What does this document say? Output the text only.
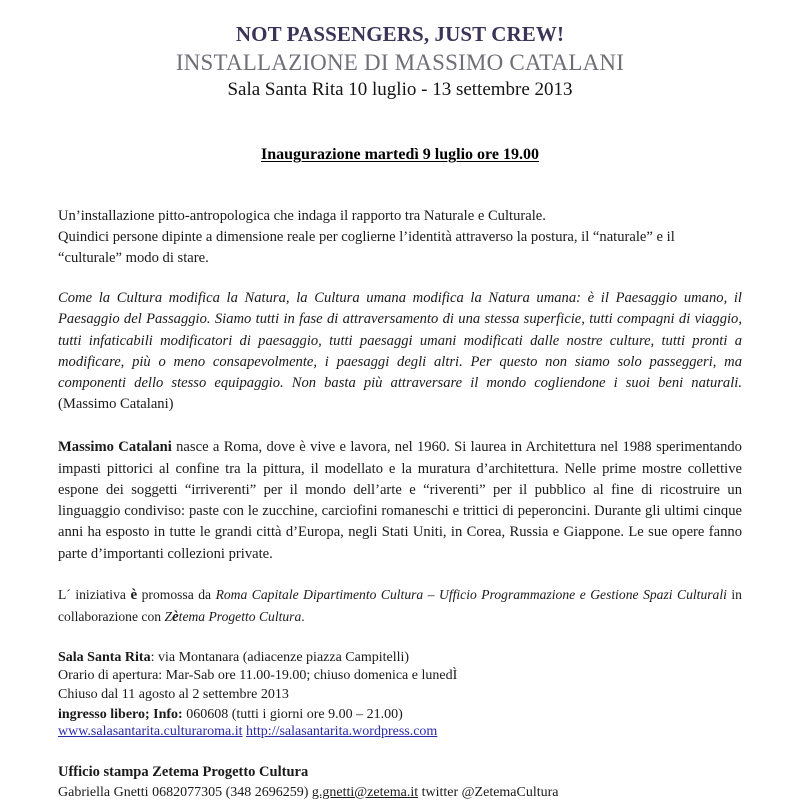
NOT PASSENGERS, JUST CREW!
INSTALLAZIONE DI MASSIMO CATALANI
Sala Santa Rita 10 luglio - 13 settembre 2013
Inaugurazione martedì 9 luglio ore 19.00
Un’installazione pitto-antropologica che indaga il rapporto tra Naturale e Culturale.
Quindici persone dipinte a dimensione reale per coglierne l’identità attraverso la postura, il “naturale” e il “culturale” modo di stare.

Come la Cultura modifica la Natura, la Cultura umana modifica la Natura umana: è il Paesaggio umano, il Paesaggio del Passaggio. Siamo tutti in fase di attraversamento di una stessa superficie, tutti compagni di viaggio, tutti infaticabili modificatori di paesaggio, tutti paesaggi umani modificati dalle nostre culture, tutti pronti a modificare, più o meno consapevolmente, i paesaggi degli altri. Per questo non siamo solo passeggeri, ma componenti dello stesso equipaggio. Non basta più attraversare il mondo cogliendone i suoi beni naturali. (Massimo Catalani)

Massimo Catalani nasce a Roma, dove è vive e lavora, nel 1960. Si laurea in Architettura nel 1988 sperimentando impasti pittorici al confine tra la pittura, il modellato e la muratura d’architettura. Nelle prime mostre collettive espone dei soggetti “irriverenti” per il mondo dell’arte e “riverenti” per il pubblico al fine di ricostruire un linguaggio condiviso: paste con le zucchine, carciofini romaneschi e trittici di peperoncini. Durante gli ultimi cinque anni ha esposto in tutte le grandi città d’Europa, negli Stati Uniti, in Corea, Russia e Giappone. Le sue opere fanno parte d’importanti collezioni private.

L´ iniziativa è promossa da Roma Capitale Dipartimento Cultura – Ufficio Programmazione e Gestione Spazi Culturali in collaborazione con Zètema Progetto Cultura.

Sala Santa Rita: via Montanara (adiacenze piazza Campitelli)
Orario di apertura: Mar-Sab ore 11.00-19.00; chiuso domenica e lunedÌ
Chiuso dal 11 agosto al 2 settembre 2013
ingresso libero; Info: 060608 (tutti i giorni ore 9.00 – 21.00)
www.salasantarita.culturaroma.it http://salasantarita.wordpress.com
Ufficio stampa Zetema Progetto Cultura
Gabriella Gnetti 0682077305 (348 2696259) g.gnetti@zetema.it twitter @ZetemaCultura
